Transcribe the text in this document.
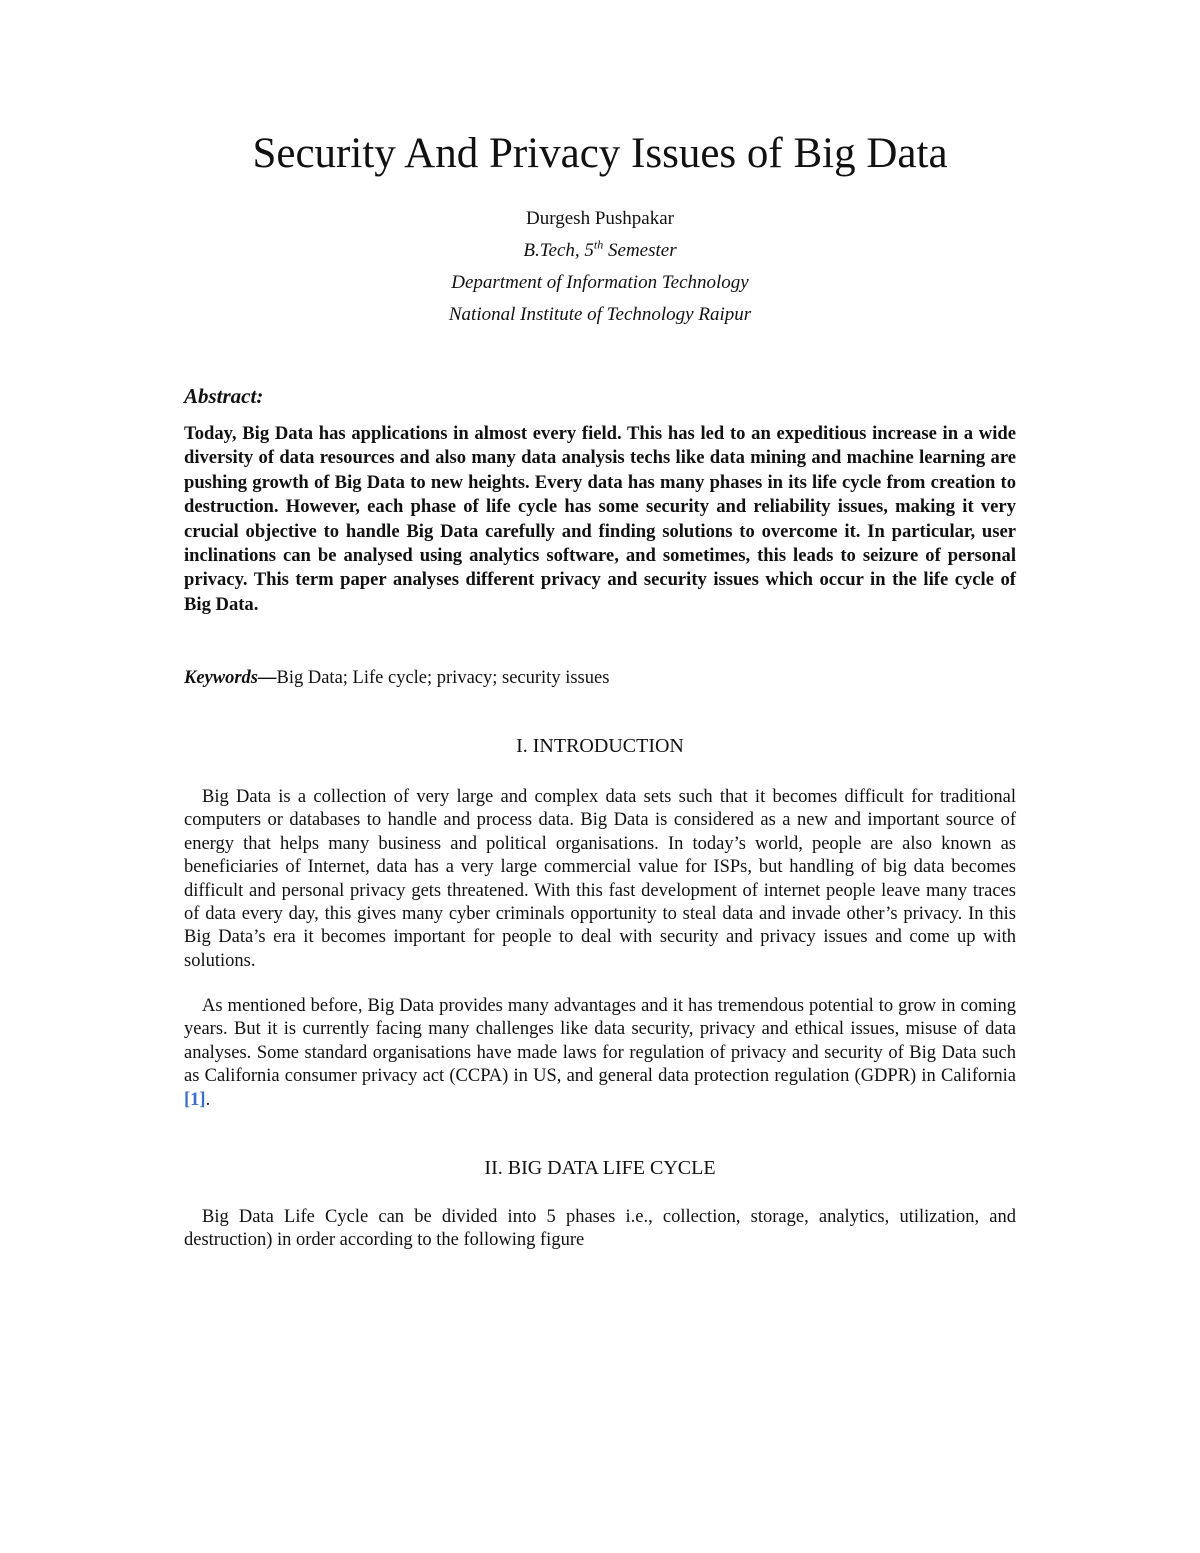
Security And Privacy Issues of Big Data
Durgesh Pushpakar
B.Tech, 5th Semester
Department of Information Technology
National Institute of Technology Raipur
Abstract:

Today, Big Data has applications in almost every field. This has led to an expeditious increase in a wide diversity of data resources and also many data analysis techs like data mining and machine learning are pushing growth of Big Data to new heights. Every data has many phases in its life cycle from creation to destruction. However, each phase of life cycle has some security and reliability issues, making it very crucial objective to handle Big Data carefully and finding solutions to overcome it. In particular, user inclinations can be analysed using analytics software, and sometimes, this leads to seizure of personal privacy. This term paper analyses different privacy and security issues which occur in the life cycle of Big Data.

Keywords—Big Data; Life cycle; privacy; security issues

I. INTRODUCTION

Big Data is a collection of very large and complex data sets such that it becomes difficult for traditional computers or databases to handle and process data. Big Data is considered as a new and important source of energy that helps many business and political organisations. In today’s world, people are also known as beneficiaries of Internet, data has a very large commercial value for ISPs, but handling of big data becomes difficult and personal privacy gets threatened. With this fast development of internet people leave many traces of data every day, this gives many cyber criminals opportunity to steal data and invade other’s privacy. In this Big Data’s era it becomes important for people to deal with security and privacy issues and come up with solutions.

As mentioned before, Big Data provides many advantages and it has tremendous potential to grow in coming years. But it is currently facing many challenges like data security, privacy and ethical issues, misuse of data analyses. Some standard organisations have made laws for regulation of privacy and security of Big Data such as California consumer privacy act (CCPA) in US, and general data protection regulation (GDPR) in California [1].

II. BIG DATA LIFE CYCLE

Big Data Life Cycle can be divided into 5 phases i.e., collection, storage, analytics, utilization, and destruction) in order according to the following figure
